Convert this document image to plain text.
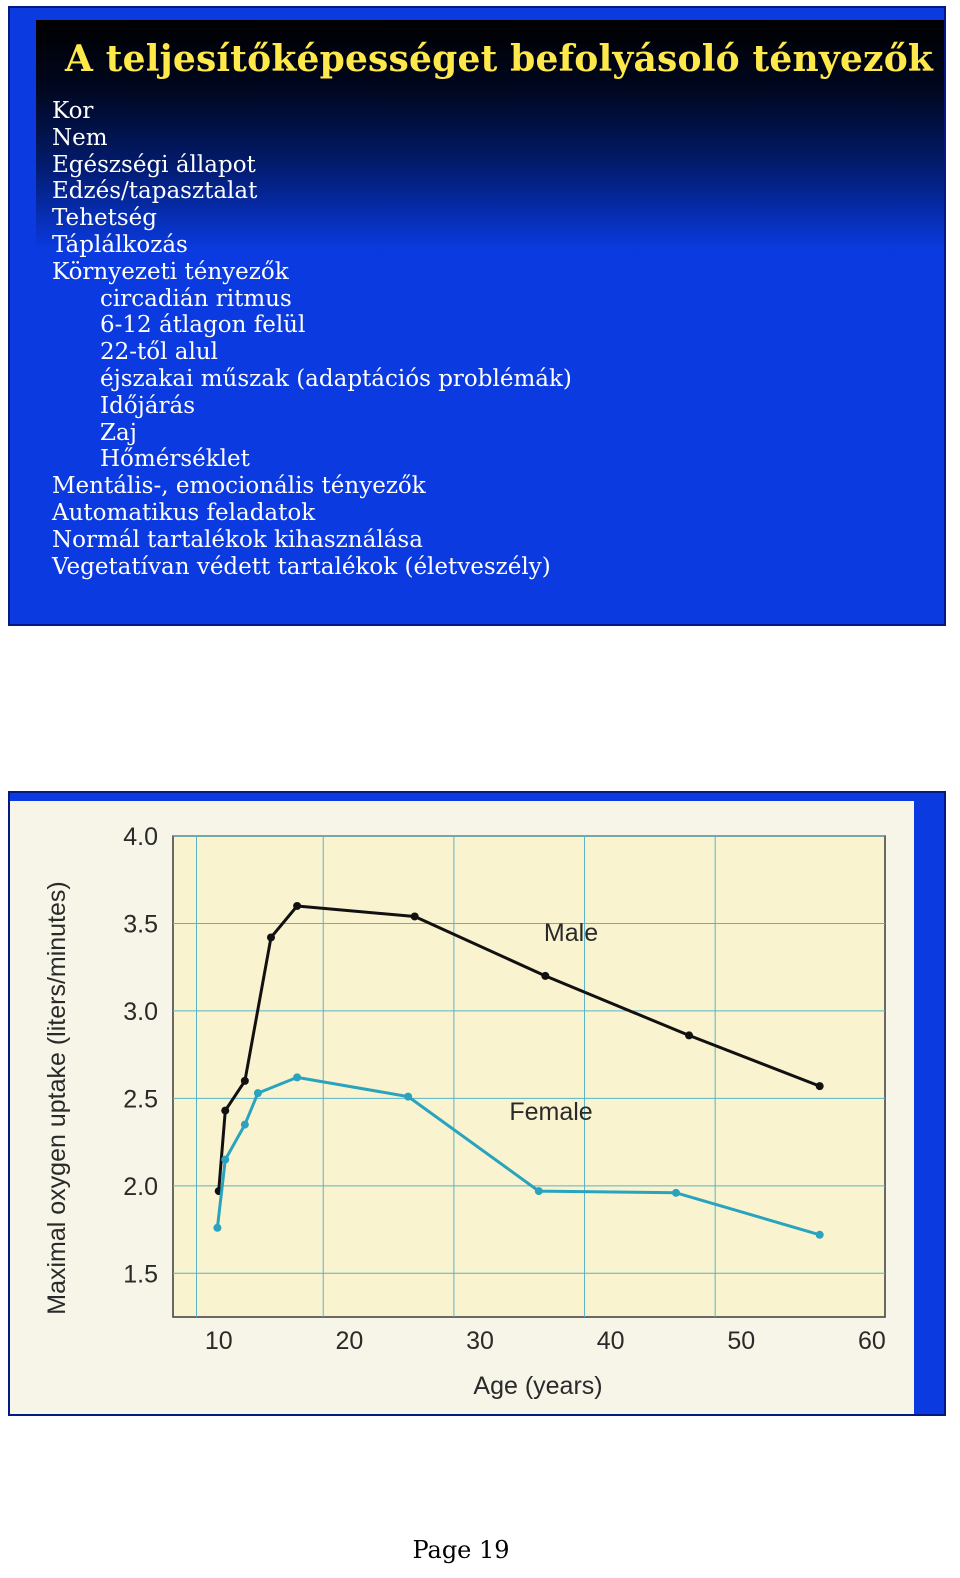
A teljesítőképességet befolyásoló tényezők
Kor
Nem
Egészségi állapot
Edzés/tapasztalat
Tehetség
Táplálkozás
Környezeti tényezők
circadián ritmus
6-12 átlagon felül
22-től alul
éjszakai műszak (adaptációs problémák)
Időjárás
Zaj
Hőmérséklet
Mentális-, emocionális tényezők
Automatikus feladatok
Normál tartalékok kihasználása
Vegetatívan védett tartalékok (életveszély)
4.0
3.5
3.0
2.5
2.0
1.5
10	20	30	40	50	60
Age (years)
Maximal oxygen uptake (liters/minutes)	Male
Female
Page 19
